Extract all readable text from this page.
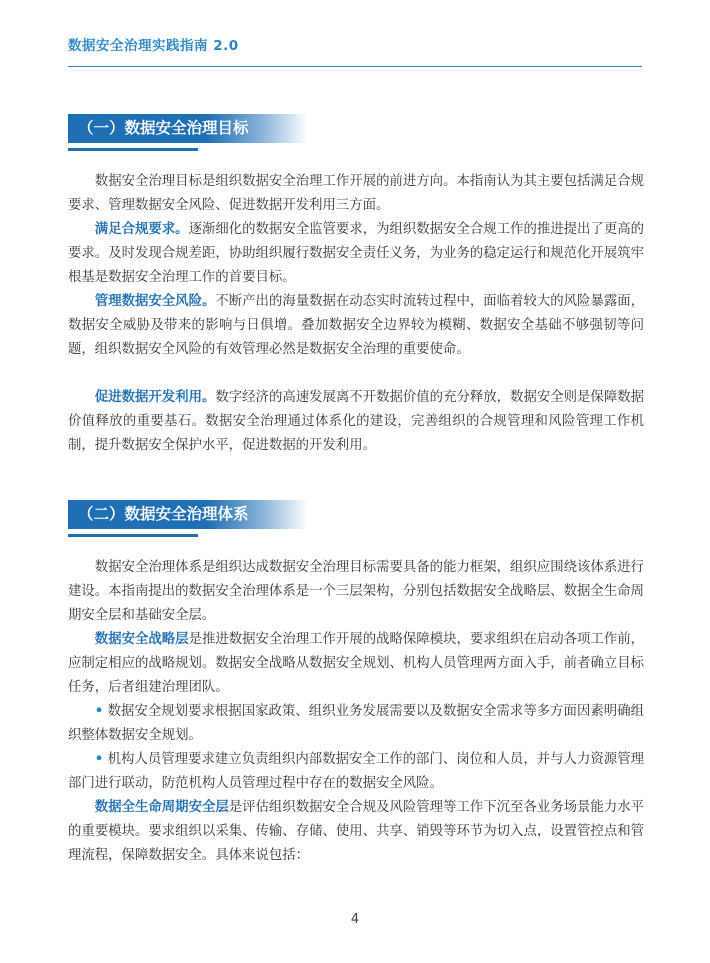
数据安全治理实践指南 2.0
（一）数据安全治理目标
数据安全治理目标是组织数据安全治理工作开展的前进方向。本指南认为其主要包括满足合规要求、管理数据安全风险、促进数据开发利用三方面。
满足合规要求。逐渐细化的数据安全监管要求，为组织数据安全合规工作的推进提出了更高的要求。及时发现合规差距，协助组织履行数据安全责任义务，为业务的稳定运行和规范化开展筑牢根基是数据安全治理工作的首要目标。
管理数据安全风险。不断产出的海量数据在动态实时流转过程中，面临着较大的风险暴露面，数据安全威胁及带来的影响与日俱增。叠加数据安全边界较为模糊、数据安全基础不够强韧等问题，组织数据安全风险的有效管理必然是数据安全治理的重要使命。
促进数据开发利用。数字经济的高速发展离不开数据价值的充分释放，数据安全则是保障数据价值释放的重要基石。数据安全治理通过体系化的建设，完善组织的合规管理和风险管理工作机制，提升数据安全保护水平，促进数据的开发利用。
（二）数据安全治理体系
数据安全治理体系是组织达成数据安全治理目标需要具备的能力框架，组织应围绕该体系进行建设。本指南提出的数据安全治理体系是一个三层架构，分别包括数据安全战略层、数据全生命周期安全层和基础安全层。
数据安全战略层是推进数据安全治理工作开展的战略保障模块，要求组织在启动各项工作前，应制定相应的战略规划。数据安全战略从数据安全规划、机构人员管理两方面入手，前者确立目标任务，后者组建治理团队。
• 数据安全规划要求根据国家政策、组织业务发展需要以及数据安全需求等多方面因素明确组织整体数据安全规划。
• 机构人员管理要求建立负责组织内部数据安全工作的部门、岗位和人员，并与人力资源管理部门进行联动，防范机构人员管理过程中存在的数据安全风险。
数据全生命周期安全层是评估组织数据安全合规及风险管理等工作下沉至各业务场景能力水平的重要模块。要求组织以采集、传输、存储、使用、共享、销毁等环节为切入点，设置管控点和管理流程，保障数据安全。具体来说包括：
4
